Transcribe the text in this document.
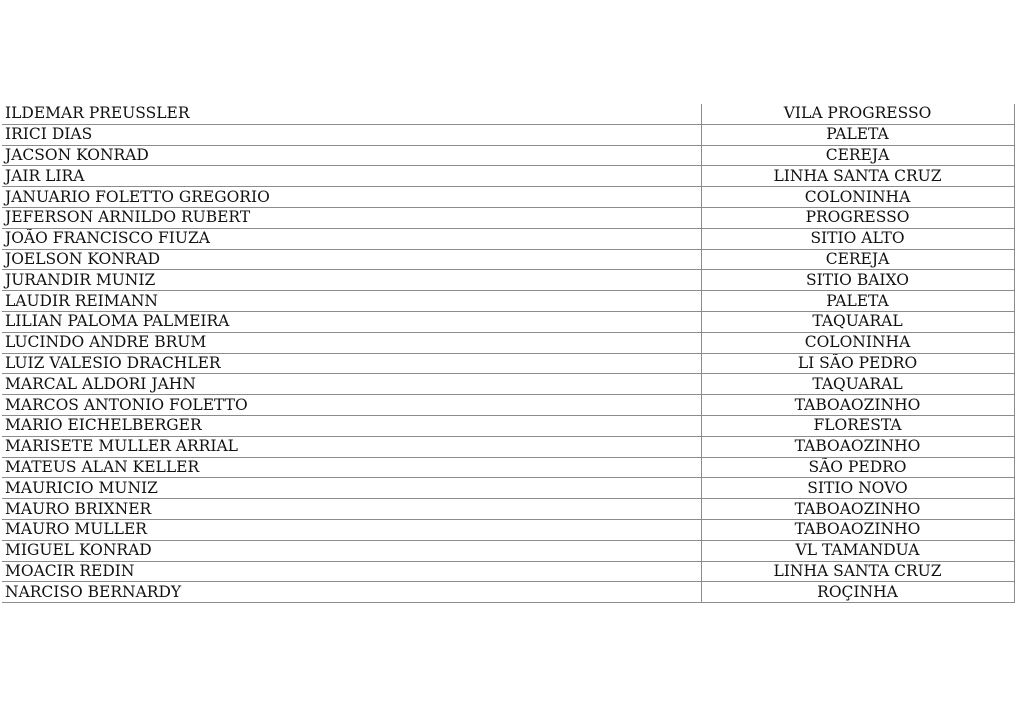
ILDEMAR PREUSSLER	VILA PROGRESSO
IRICI DIAS	PALETA
JACSON KONRAD	CEREJA
JAIR LIRA	LINHA SANTA CRUZ
JANUARIO FOLETTO GREGORIO	COLONINHA
JEFERSON ARNILDO RUBERT	PROGRESSO
JOÃO FRANCISCO FIUZA	SITIO ALTO
JOELSON KONRAD	CEREJA
JURANDIR MUNIZ	SITIO BAIXO
LAUDIR REIMANN	PALETA
LILIAN PALOMA PALMEIRA	TAQUARAL
LUCINDO ANDRE BRUM	COLONINHA
LUIZ VALESIO DRACHLER	LI SÃO PEDRO
MARCAL ALDORI JAHN	TAQUARAL
MARCOS ANTONIO FOLETTO	TABOAOZINHO
MARIO EICHELBERGER	FLORESTA
MARISETE MULLER ARRIAL	TABOAOZINHO
MATEUS ALAN KELLER	SÃO PEDRO
MAURICIO MUNIZ	SITIO NOVO
MAURO BRIXNER	TABOAOZINHO
MAURO MULLER	TABOAOZINHO
MIGUEL KONRAD	VL TAMANDUA
MOACIR REDIN	LINHA SANTA CRUZ
NARCISO BERNARDY	ROÇINHA
